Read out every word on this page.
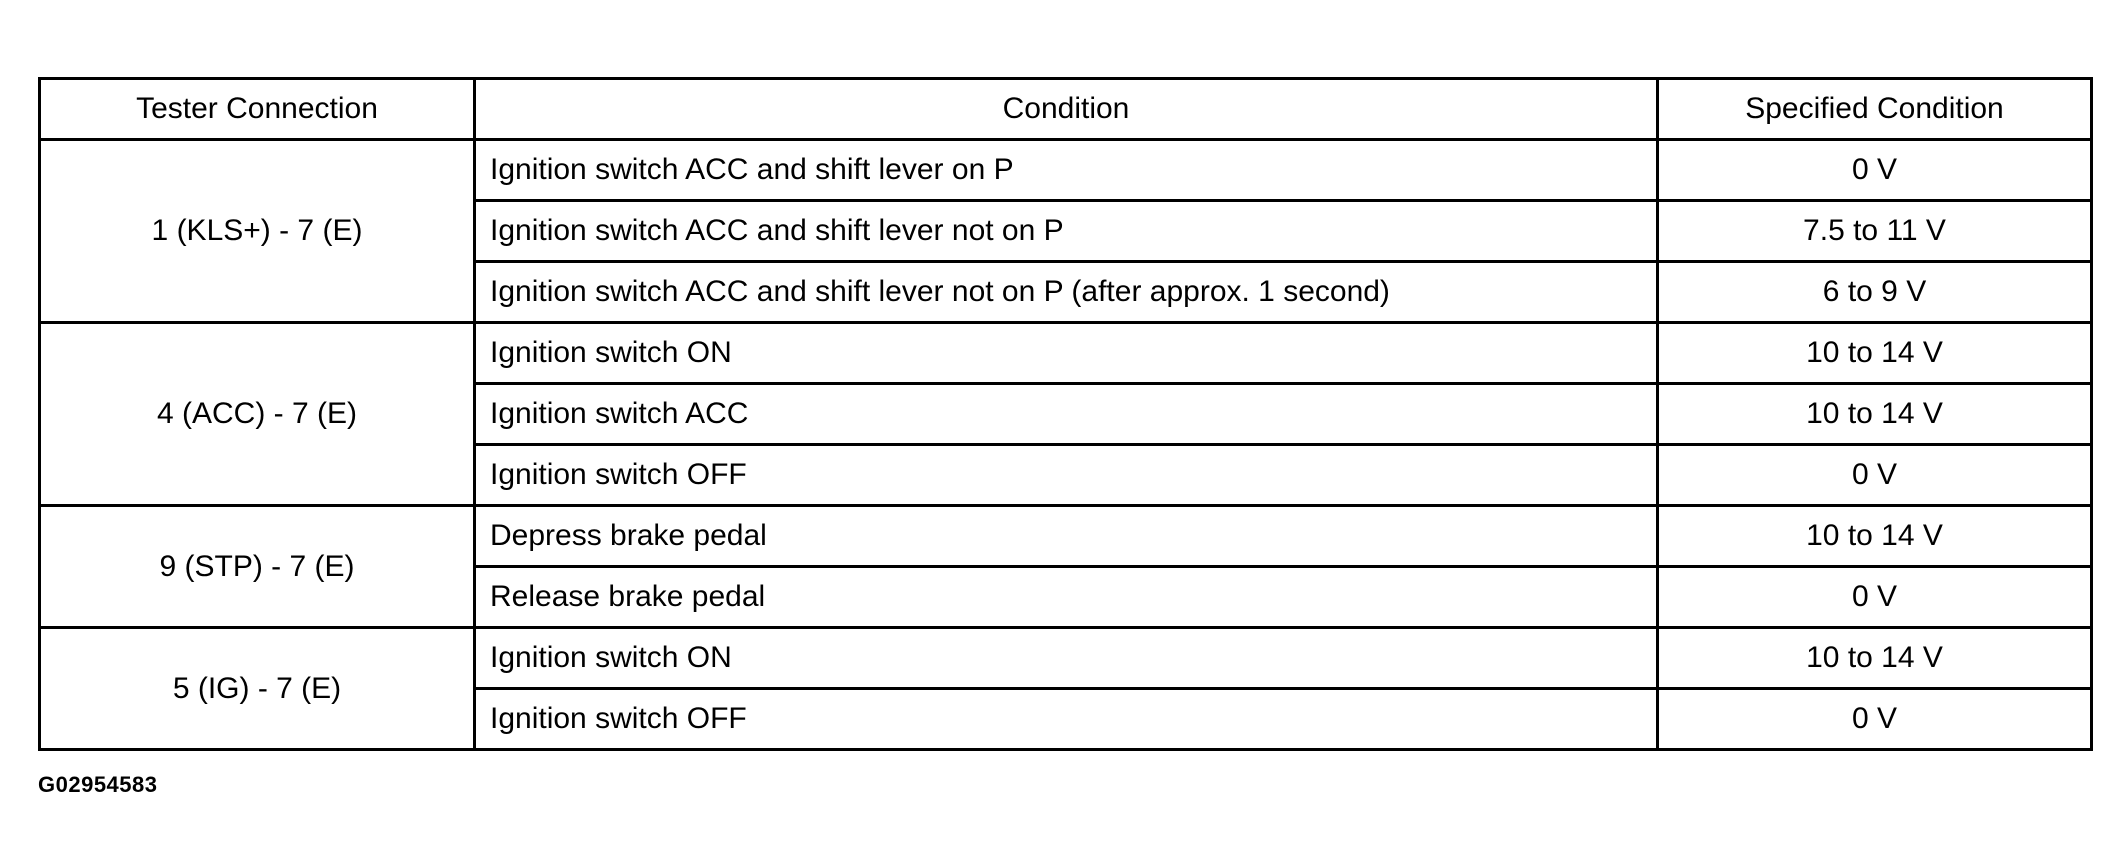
Tester Connection	Condition	Specified Condition
1 (KLS+) - 7 (E)	Ignition switch ACC and shift lever on P	0 V
	Ignition switch ACC and shift lever not on P	7.5 to 11 V
	Ignition switch ACC and shift lever not on P (after approx. 1 second)	6 to 9 V
4 (ACC) - 7 (E)	Ignition switch ON	10 to 14 V
	Ignition switch ACC	10 to 14 V
	Ignition switch OFF	0 V
9 (STP) - 7 (E)	Depress brake pedal	10 to 14 V
	Release brake pedal	0 V
5 (IG) - 7 (E)	Ignition switch ON	10 to 14 V
	Ignition switch OFF	0 V
G02954583
